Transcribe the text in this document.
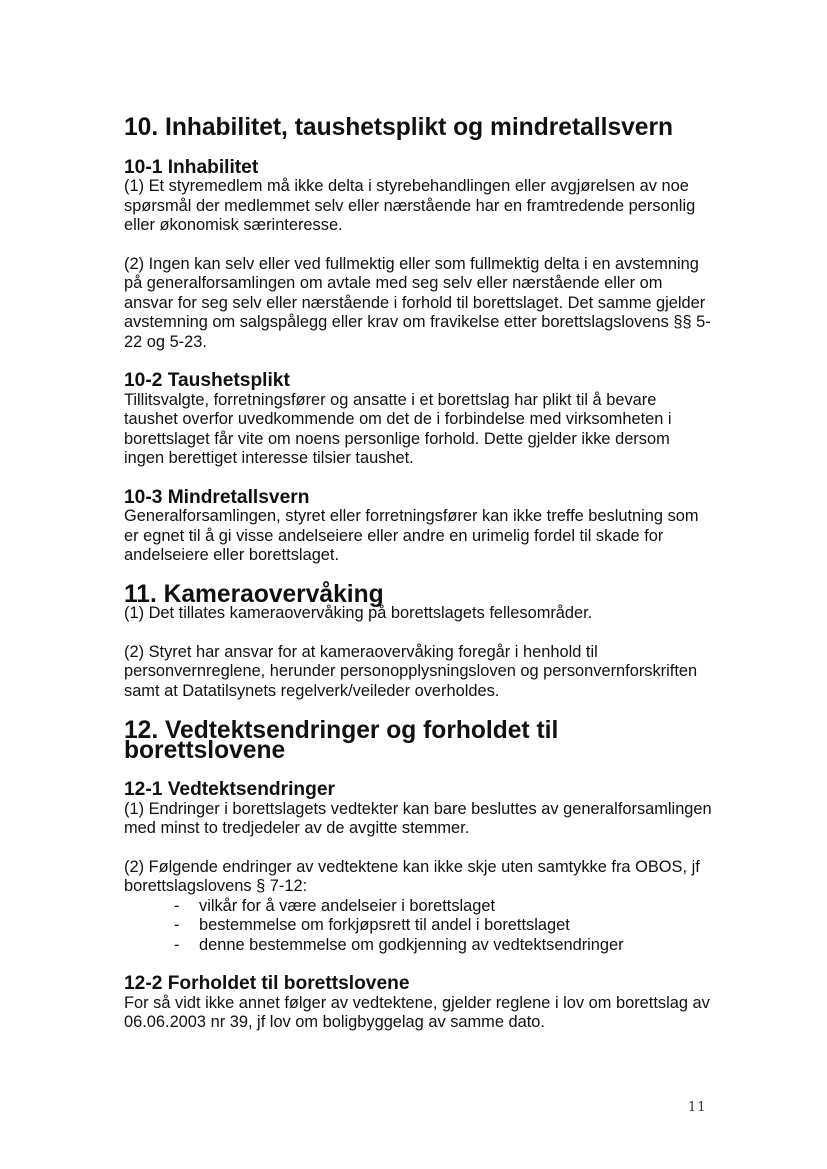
10. Inhabilitet, taushetsplikt og mindretallsvern
10-1 Inhabilitet

(1) Et styremedlem må ikke delta i styrebehandlingen eller avgjørelsen av noe spørsmål der medlemmet selv eller nærstående har en framtredende personlig eller økonomisk særinteresse.

(2) Ingen kan selv eller ved fullmektig eller som fullmektig delta i en avstemning på generalforsamlingen om avtale med seg selv eller nærstående eller om ansvar for seg selv eller nærstående i forhold til borettslaget. Det samme gjelder avstemning om salgspålegg eller krav om fravikelse etter borettslagslovens §§ 5-22 og 5-23.

10-2 Taushetsplikt

Tillitsvalgte, forretningsfører og ansatte i et borettslag har plikt til å bevare taushet overfor uvedkommende om det de i forbindelse med virksomheten i borettslaget får vite om noens personlige forhold. Dette gjelder ikke dersom ingen berettiget interesse tilsier taushet.

10-3 Mindretallsvern

Generalforsamlingen, styret eller forretningsfører kan ikke treffe beslutning som er egnet til å gi visse andelseiere eller andre en urimelig fordel til skade for andelseiere eller borettslaget.

11. Kameraovervåking

(1) Det tillates kameraovervåking på borettslagets fellesområder.

(2) Styret har ansvar for at kameraovervåking foregår i henhold til personvernreglene, herunder personopplysningsloven og personvernforskriften samt at Datatilsynets regelverk/veileder overholdes.

12. Vedtektsendringer og forholdet til borettslovene
12-1 Vedtektsendringer

(1) Endringer i borettslagets vedtekter kan bare besluttes av generalforsamlingen med minst to tredjedeler av de avgitte stemmer.

(2) Følgende endringer av vedtektene kan ikke skje uten samtykke fra OBOS, jf borettslagslovens § 7-12:

- vilkår for å være andelseier i borettslaget
- bestemmelse om forkjøpsrett til andel i borettslaget
- denne bestemmelse om godkjenning av vedtektsendringer
12-2 Forholdet til borettslovene

For så vidt ikke annet følger av vedtektene, gjelder reglene i lov om borettslag av 06.06.2003 nr 39, jf lov om boligbyggelag av samme dato.

11
